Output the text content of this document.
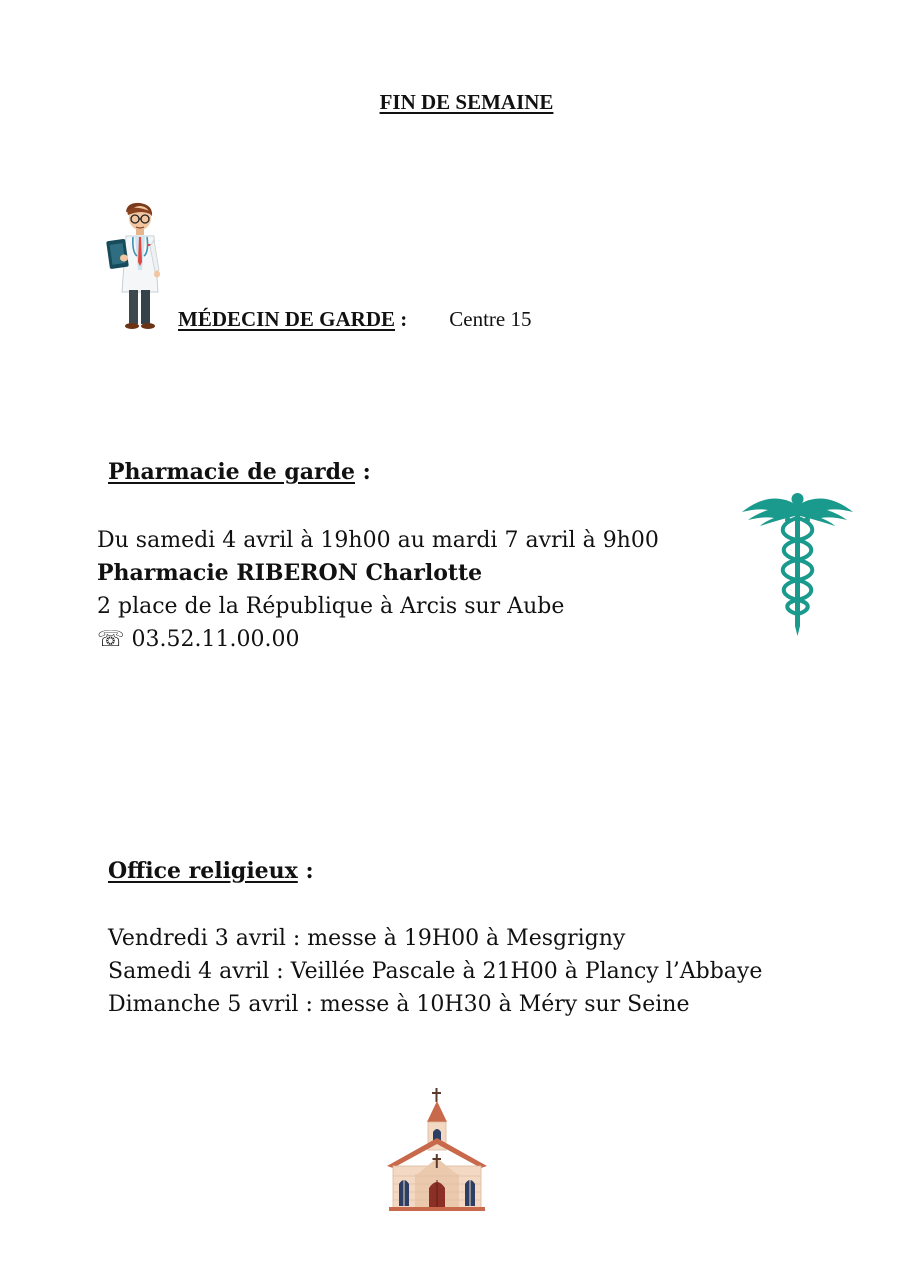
FIN DE SEMAINE
MÉDECIN DE GARDE : Centre 15
Pharmacie de garde :
Du samedi 4 avril à 19h00 au mardi 7 avril à 9h00
Pharmacie RIBERON Charlotte
2 place de la République à Arcis sur Aube
☏ 03.52.11.00.00
Office religieux :
Vendredi 3 avril : messe à 19H00 à Mesgrigny
Samedi 4 avril : Veillée Pascale à 21H00 à Plancy l’Abbaye
Dimanche 5 avril : messe à 10H30 à Méry sur Seine
